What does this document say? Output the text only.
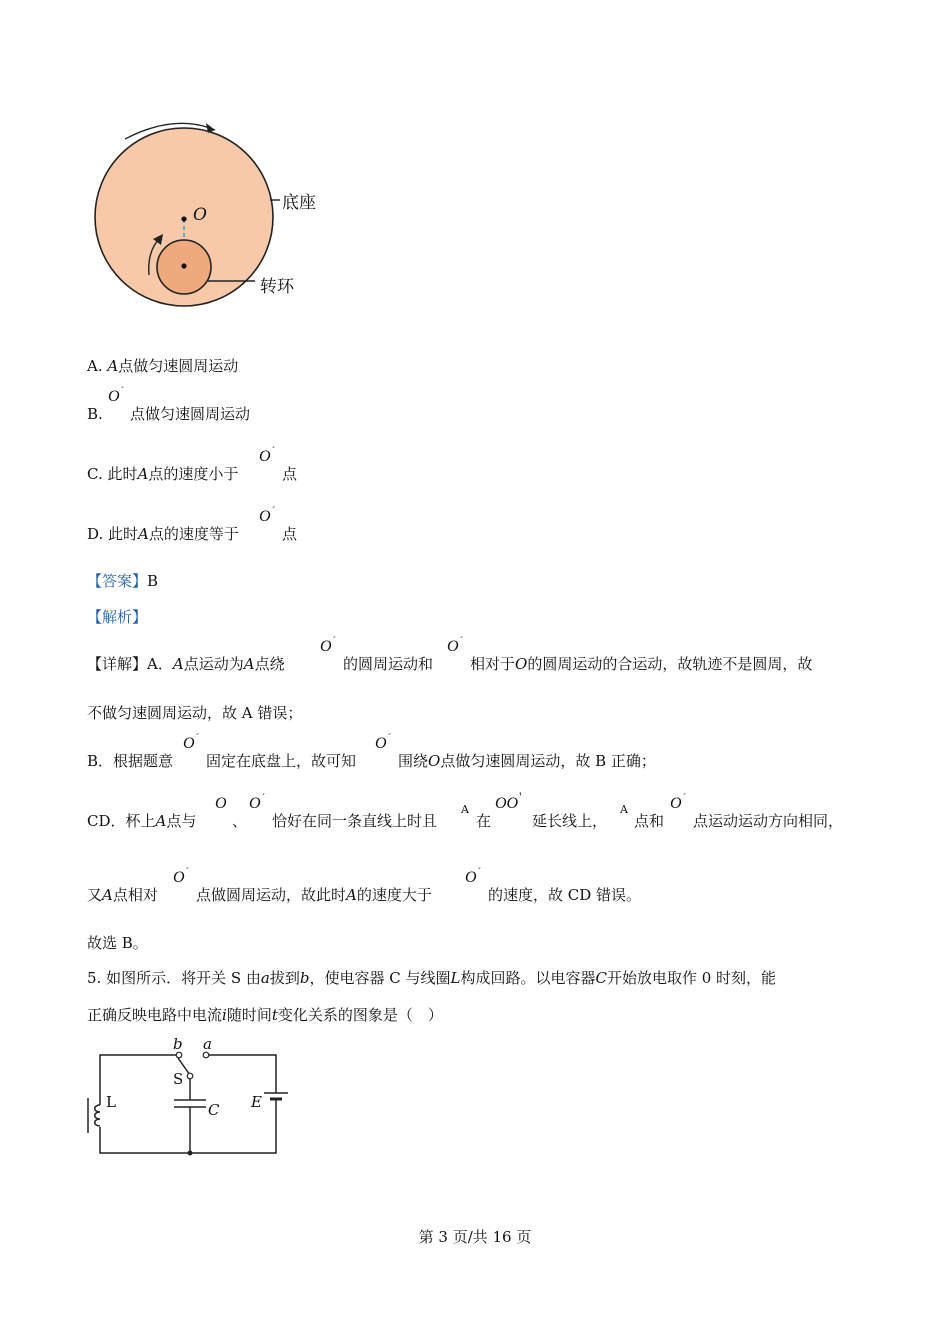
O
底座
转环
A. A点做匀速圆周运动
B.
O´
点做匀速圆周运动
C. 此时A点的速度小于
O´
点
D. 此时A点的速度等于
O´
点
【答案】B
【解析】
【详解】A．A点运动为A点绕
O´
的圆周运动和
O´
相对于O的圆周运动的合运动，故轨迹不是圆周，故
不做匀速圆周运动，故 A 错误；
B．根据题意
O´
固定在底盘上，故可知
O´
围绕O点做匀速圆周运动，故 B 正确；
CD．杯上A点与
O
、
O´
恰好在同一条直线上时且
A
在
OO'
延长线上，
A
点和
O´
点运动运动方向相同，
又A点相对
O´
点做圆周运动，故此时A的速度大于
O´
的速度，故 CD 错误。
故选 B。
5. 如图所示．将开关 S 由a拔到b，使电容器 C 与线圈L构成回路。以电容器C开始放电取作 0 时刻，能
正确反映电路中电流i随时间t变化关系的图象是（　）
b a
S
L	C E
第 3 页/共 16 页
